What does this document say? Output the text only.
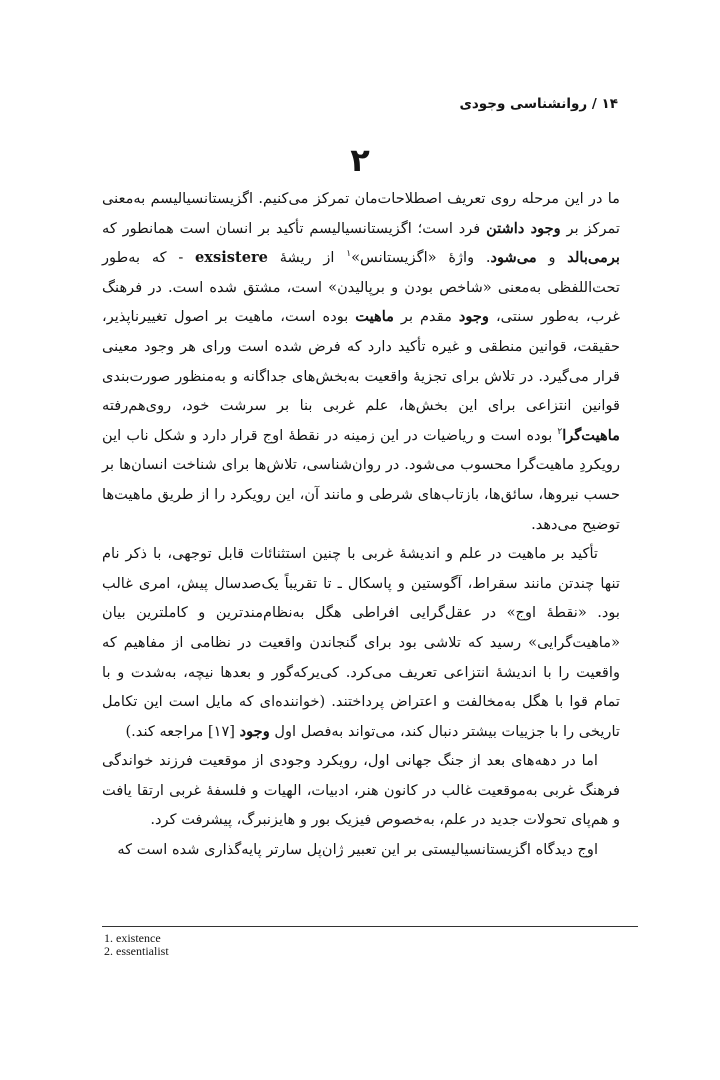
۱۴ / روانشناسی وجودی
۲

ما در این مرحله روی تعریف اصطلاحات‌مان تمرکز می‌کنیم. اگزیستانسیالیسم به‌معنی تمرکز بر وجود داشتن فرد است؛ اگزیستانسیالیسم تأکید بر انسان است همانطور که برمی‌بالد و می‌شود. واژهٔ «اگزیستانس»$^۱$ از ریشهٔ exsistere - که به‌طور تحت‌اللفظی به‌معنی «شاخص بودن و برپالیدن» است، مشتق شده است. در فرهنگ غرب، به‌طور سنتی، وجود مقدم بر ماهیت بوده است، ماهیت بر اصول تغییرناپذیر، حقیقت، قوانین منطقی و غیره تأکید دارد که فرض شده است ورای هر وجود معینی قرار می‌گیرد. در تلاش برای تجزیهٔ واقعیت به‌بخش‌های جداگانه و به‌منظور صورت‌بندی قوانین انتزاعی برای این بخش‌ها، علم غربی بنا بر سرشت خود، روی‌هم‌رفته ماهیت‌گرا$^۲$ بوده است و ریاضیات در این زمینه در نقطهٔ اوج قرار دارد و شکل ناب این رویکردِ ماهیت‌گرا محسوب می‌شود. در روان‌شناسی، تلاش‌ها برای شناخت انسان‌ها بر حسب نیروها، سائق‌ها، بازتاب‌های شرطی و مانند آن، این رویکرد را از طریق ماهیت‌ها توضیح می‌دهد.

تأکید بر ماهیت در علم و اندیشهٔ غربی با چنین استثنائات قابل توجهی، با ذکر نام تنها چندتن مانند سقراط، آگوستین و پاسکال ـ تا تقریباً یک‌صدسال پیش، امری غالب بود. «نقطهٔ اوج» در عقل‌گرایی افراطی هگل به‌نظام‌مندترین و کاملترین بیان «ماهیت‌گرایی» رسید که تلاشی بود برای گنجاندن واقعیت در نظامی از مفاهیم که واقعیت را با اندیشهٔ انتزاعی تعریف می‌کرد. کی‌یرکه‌گور و بعدها نیچه، به‌شدت و با تمام قوا با هگل به‌مخالفت و اعتراض پرداختند. (خواننده‌ای که مایل است این تکامل تاریخی را با جزییات بیشتر دنبال کند، می‌تواند به‌فصل اول وجود [۱۷] مراجعه کند.)

اما در دهه‌های بعد از جنگ جهانی اول، رویکرد وجودی از موقعیت فرزند خواندگی فرهنگ غربی به‌موقعیت غالب در کانون هنر، ادبیات، الهیات و فلسفهٔ غربی ارتقا یافت و هم‌پای تحولات جدید در علم، به‌خصوص فیزیک بور و هایزنبرگ، پیشرفت کرد.

اوج دیدگاه اگزیستانسیالیستی بر این تعبیر ژان‌پل سارتر پایه‌گذاری شده است که

1. existence
2. essentialist
